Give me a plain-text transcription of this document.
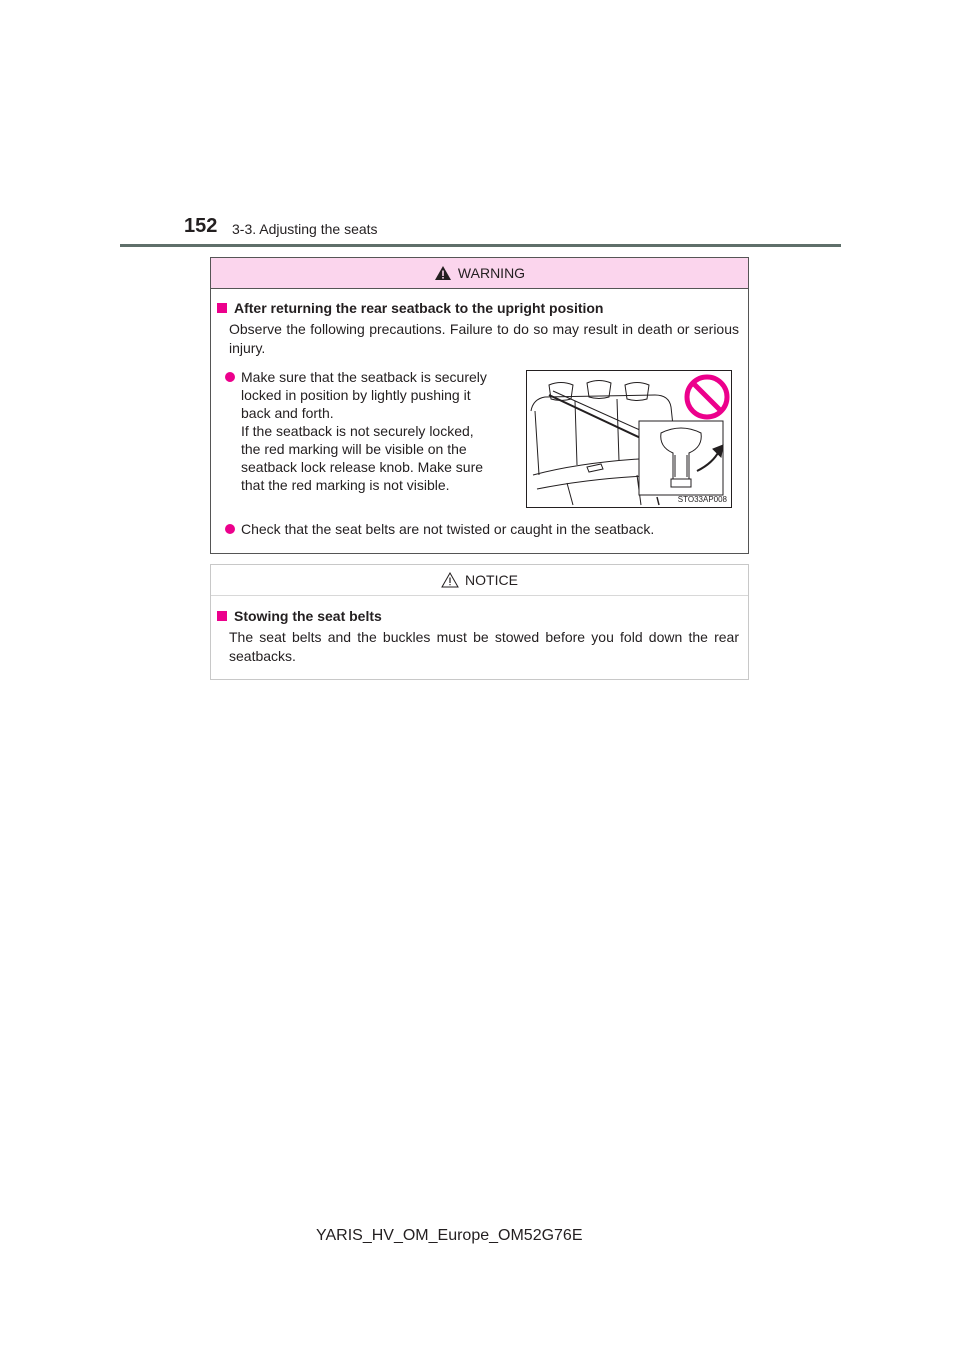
152 3-3. Adjusting the seats
WARNING
After returning the rear seatback to the upright position
Observe the following precautions. Failure to do so may result in death or serious injury.
Make sure that the seatback is securely
locked in position by lightly pushing it
back and forth.
If the seatback is not securely locked,
the red marking will be visible on the
seatback lock release knob. Make sure
that the red marking is not visible.
STO33AP008
Check that the seat belts are not twisted or caught in the seatback.
NOTICE
Stowing the seat belts
The seat belts and the buckles must be stowed before you fold down the rear seatbacks.
YARIS_HV_OM_Europe_OM52G76E
